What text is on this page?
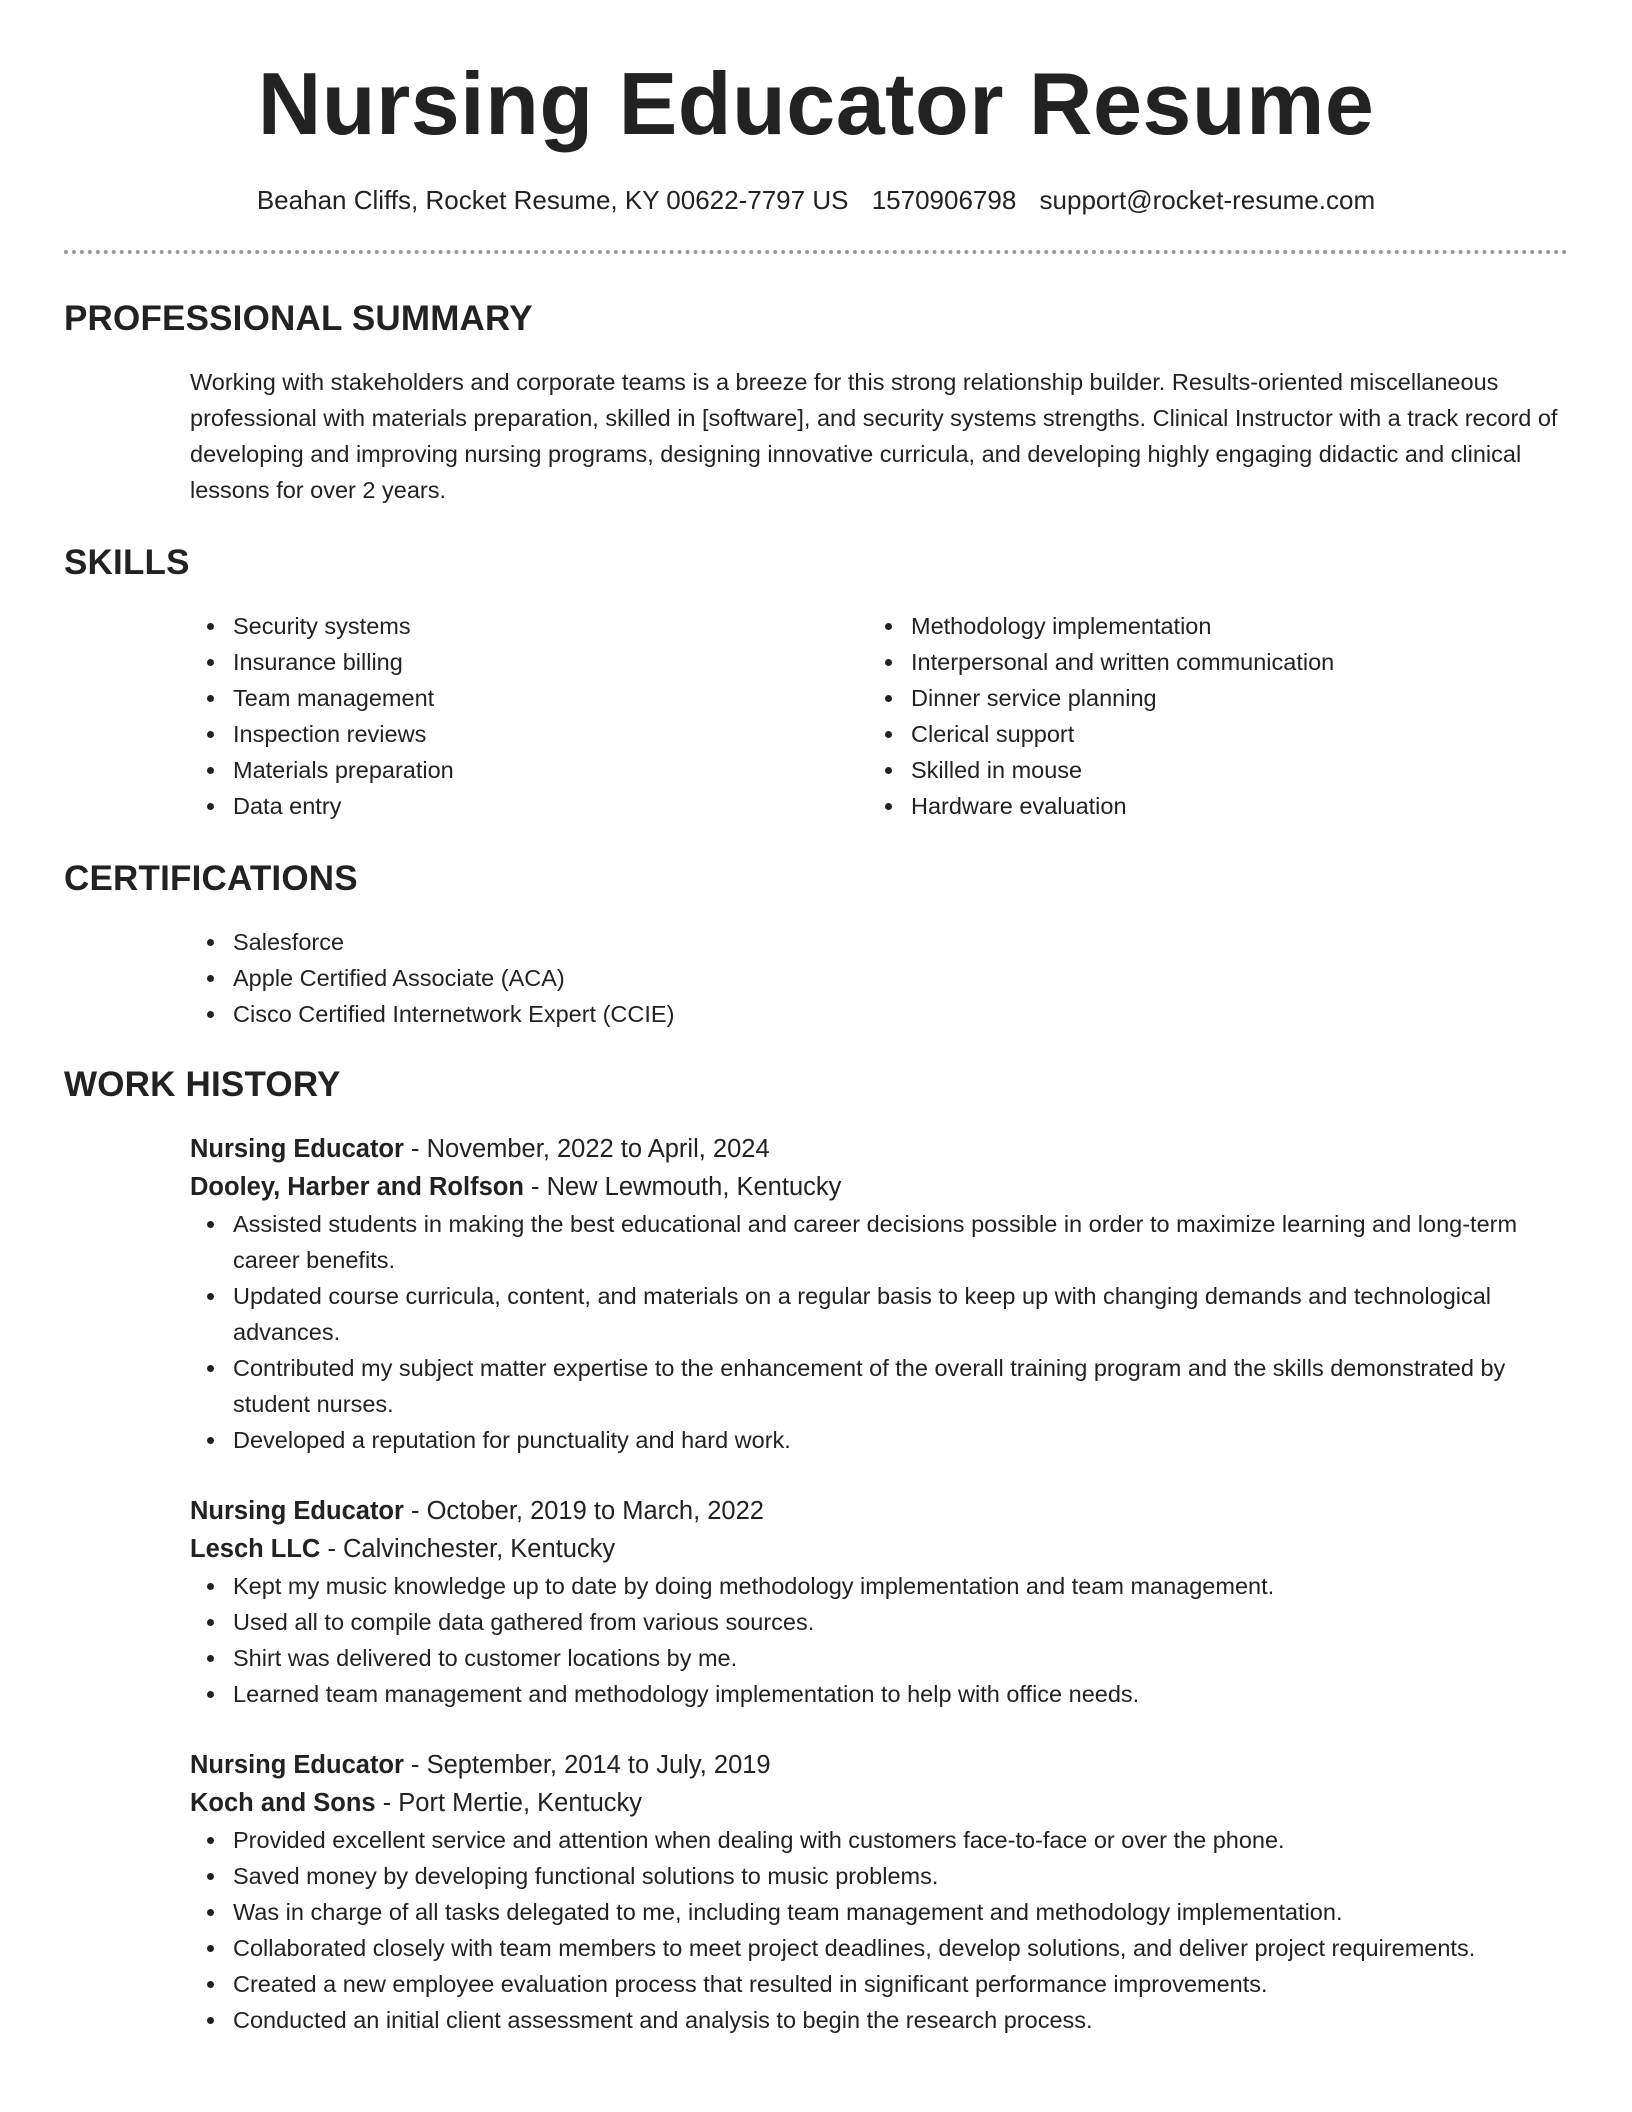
Nursing Educator Resume
Beahan Cliffs, Rocket Resume, KY 00622-7797 US 1570906798 support@rocket-resume.com
PROFESSIONAL SUMMARY

Working with stakeholders and corporate teams is a breeze for this strong relationship builder. Results-oriented miscellaneous professional with materials preparation, skilled in [software], and security systems strengths. Clinical Instructor with a track record of developing and improving nursing programs, designing innovative curricula, and developing highly engaging didactic and clinical lessons for over 2 years.

SKILLS
Security systems
Insurance billing
Team management
Inspection reviews
Materials preparation
Data entry
Methodology implementation
Interpersonal and written communication
Dinner service planning
Clerical support
Skilled in mouse
Hardware evaluation
CERTIFICATIONS
Salesforce
Apple Certified Associate (ACA)
Cisco Certified Internetwork Expert (CCIE)
WORK HISTORY
Nursing Educator - November, 2022 to April, 2024
Dooley, Harber and Rolfson - New Lewmouth, Kentucky
Assisted students in making the best educational and career decisions possible in order to maximize learning and long-term career benefits.
Updated course curricula, content, and materials on a regular basis to keep up with changing demands and technological advances.
Contributed my subject matter expertise to the enhancement of the overall training program and the skills demonstrated by student nurses.
Developed a reputation for punctuality and hard work.
Nursing Educator - October, 2019 to March, 2022
Lesch LLC - Calvinchester, Kentucky
Kept my music knowledge up to date by doing methodology implementation and team management.
Used all to compile data gathered from various sources.
Shirt was delivered to customer locations by me.
Learned team management and methodology implementation to help with office needs.
Nursing Educator - September, 2014 to July, 2019
Koch and Sons - Port Mertie, Kentucky
Provided excellent service and attention when dealing with customers face-to-face or over the phone.
Saved money by developing functional solutions to music problems.
Was in charge of all tasks delegated to me, including team management and methodology implementation.
Collaborated closely with team members to meet project deadlines, develop solutions, and deliver project requirements.
Created a new employee evaluation process that resulted in significant performance improvements.
Conducted an initial client assessment and analysis to begin the research process.
